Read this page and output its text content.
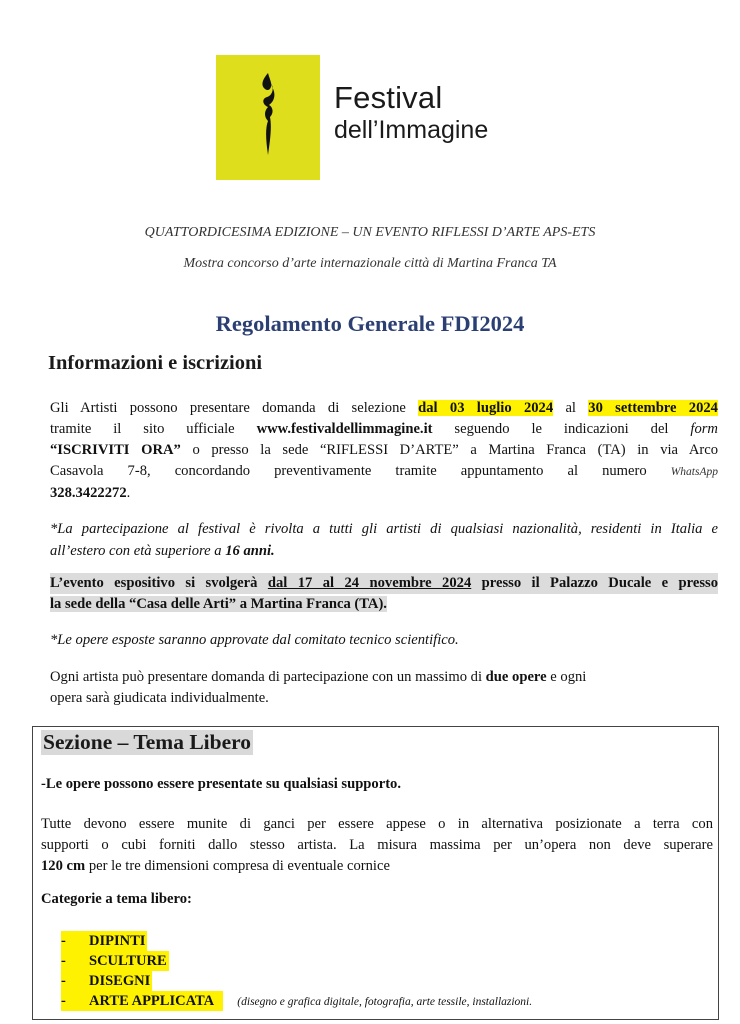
Festival
dell’Immagine
QUATTORDICESIMA EDIZIONE – UN EVENTO RIFLESSI D’ARTE APS-ETS
Mostra concorso d’arte internazionale città di Martina Franca TA
Regolamento Generale FDI2024
Informazioni e iscrizioni
Gli Artisti possono presentare domanda di selezione dal 03 luglio 2024 al 30 settembre 2024
tramite il sito ufficiale www.festivaldellimmagine.it seguendo le indicazioni del form
“ISCRIVITI ORA” o presso la sede “RIFLESSI D’ARTE” a Martina Franca (TA) in via Arco
Casavola 7-8, concordando preventivamente tramite appuntamento al numero WhatsApp
328.3422272.
*La partecipazione al festival è rivolta a tutti gli artisti di qualsiasi nazionalità, residenti in Italia e
all’estero con età superiore a 16 anni.
L’evento espositivo si svolgerà dal 17 al 24 novembre 2024 presso il Palazzo Ducale e presso
la sede della “Casa delle Arti” a Martina Franca (TA).
*Le opere esposte saranno approvate dal comitato tecnico scientifico.
Ogni artista può presentare domanda di partecipazione con un massimo di due opere e ogni
opera sarà giudicata individualmente.
Sezione – Tema Libero
-Le opere possono essere presentate su qualsiasi supporto.
Tutte devono essere munite di ganci per essere appese o in alternativa posizionate a terra con
supporti o cubi forniti dallo stesso artista. La misura massima per un’opera non deve superare
120 cm per le tre dimensioni compresa di eventuale cornice
Categorie a tema libero:
- DIPINTI
- SCULTURE
- DISEGNI
- ARTE APPLICATA (disegno e grafica digitale, fotografia, arte tessile, installazioni.
